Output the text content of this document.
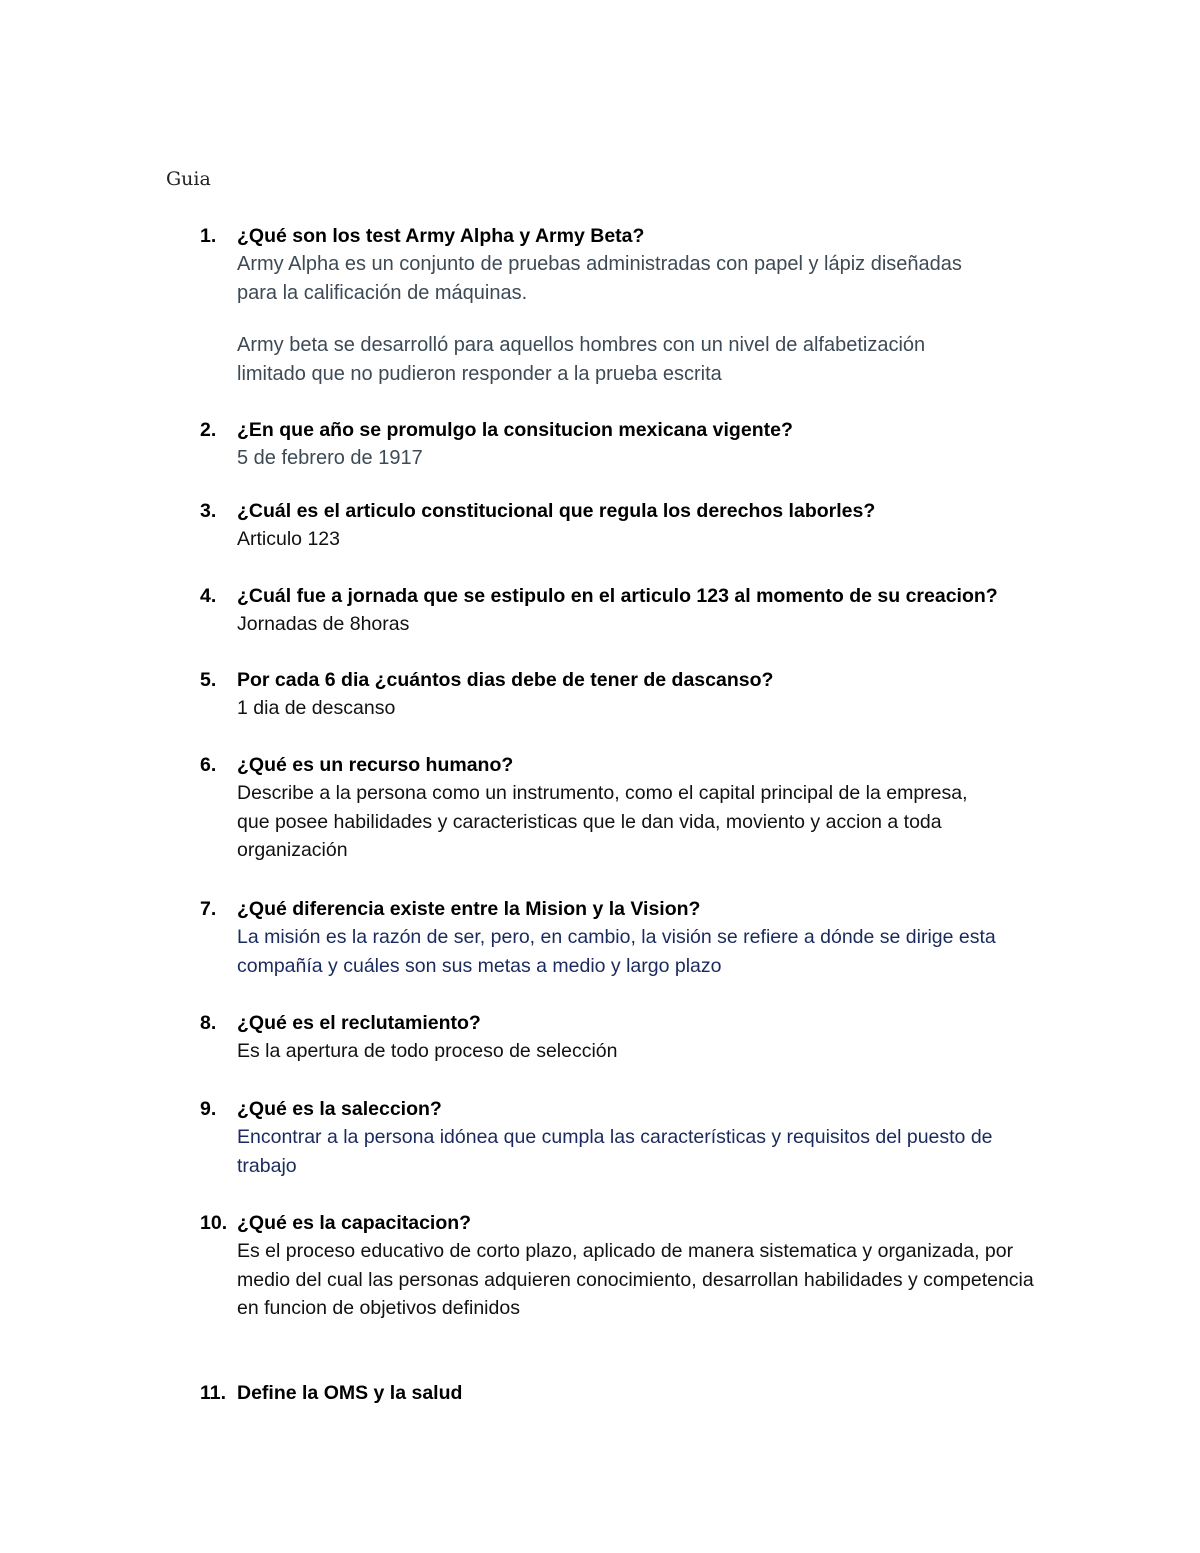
Guia
1. ¿Qué son los test Army Alpha y Army Beta?
Army Alpha es un conjunto de pruebas administradas con papel y lápiz diseñadas para la calificación de máquinas.
Army beta se desarrolló para aquellos hombres con un nivel de alfabetización limitado que no pudieron responder a la prueba escrita
2. ¿En que año se promulgo la consitucion mexicana vigente?
5 de febrero de 1917
3. ¿Cuál es el articulo constitucional que regula los derechos laborles?
Articulo 123
4. ¿Cuál fue a jornada que se estipulo en el articulo 123 al momento de su creacion?
Jornadas de 8horas
5. Por cada 6 dia ¿cuántos dias debe de tener de dascanso?
1 dia de descanso
6. ¿Qué es un recurso humano?
Describe a la persona como un instrumento, como el capital principal de la empresa, que posee habilidades y caracteristicas que le dan vida, moviento y accion a toda organización
7. ¿Qué diferencia existe entre la Mision y la Vision?
La misión es la razón de ser, pero, en cambio, la visión se refiere a dónde se dirige esta compañía y cuáles son sus metas a medio y largo plazo
8. ¿Qué es el reclutamiento?
Es la apertura de todo proceso de selección
9. ¿Qué es la saleccion?
Encontrar a la persona idónea que cumpla las características y requisitos del puesto de trabajo
10. ¿Qué es la capacitacion?
Es el proceso educativo de corto plazo, aplicado de manera sistematica y organizada, por medio del cual las personas adquieren conocimiento, desarrollan habilidades y competencia en funcion de objetivos definidos
11. Define la OMS y la salud
